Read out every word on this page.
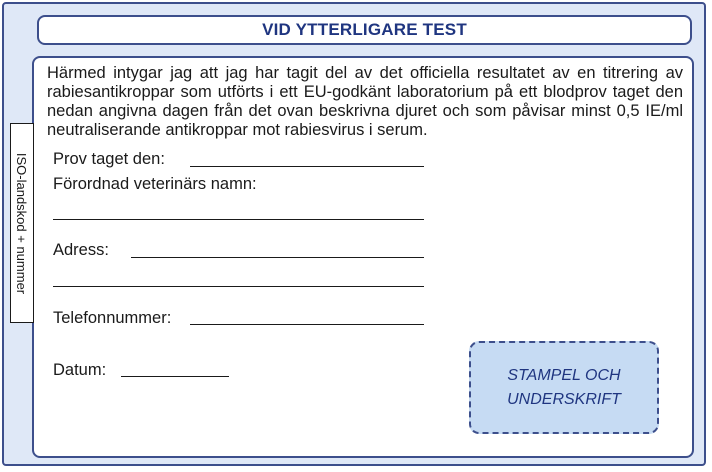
VID YTTERLIGARE TEST

Härmed intygar jag att jag har tagit del av det officiella resultatet av en titrering av rabiesantikroppar som utförts i ett EU-godkänt laboratorium på ett blodprov taget den nedan angivna dagen från det ovan beskrivna djuret och som påvisar minst 0,5 IE/ml neutraliserande antikroppar mot rabiesvirus i serum.

ISO-landskod + nummer Prov taget den:
Förordnad veterinärs namn:
Adress:
Telefonnummer:
Datum:	STAMPEL OCH
UNDERSKRIFT
